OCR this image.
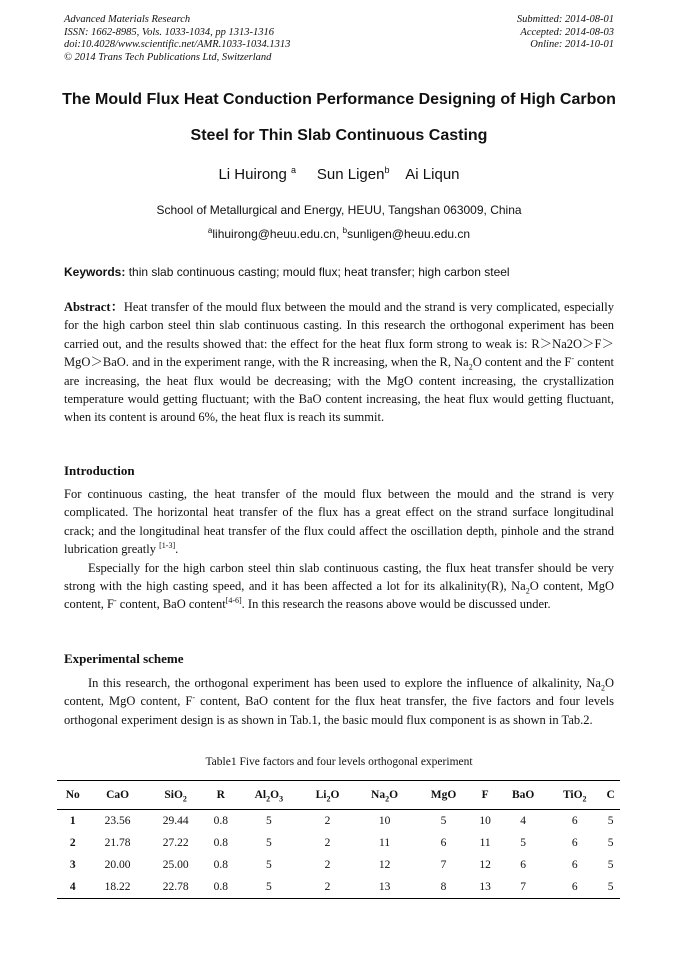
Advanced Materials Research
ISSN: 1662-8985, Vols. 1033-1034, pp 1313-1316
doi:10.4028/www.scientific.net/AMR.1033-1034.1313
© 2014 Trans Tech Publications Ltd, Switzerland
Submitted: 2014-08-01
Accepted: 2014-08-03
Online: 2014-10-01
The Mould Flux Heat Conduction Performance Designing of High Carbon
Steel for Thin Slab Continuous Casting
Li Huirong $^a$ Sun Ligen$^b$ Ai Liqun
School of Metallurgical and Energy, HEUU, Tangshan 063009, China
$^a$lihuirong@heuu.edu.cn, $^b$sunligen@heuu.edu.cn
Keywords: thin slab continuous casting; mould flux; heat transfer; high carbon steel

Abstract：Heat transfer of the mould flux between the mould and the strand is very complicated, especially for the high carbon steel thin slab continuous casting. In this research the orthogonal experiment has been carried out, and the results showed that: the effect for the heat flux form strong to weak is: R＞Na2O＞F＞MgO＞BaO. and in the experiment range, with the R increasing, when the R, $Na_2O$ content and the F- content are increasing, the heat flux would be decreasing; with the MgO content increasing, the crystallization temperature would getting fluctuant; with the BaO content increasing, the heat flux would getting fluctuant, when its content is around 6%, the heat flux is reach its summit.

Introduction

For continuous casting, the heat transfer of the mould flux between the mould and the strand is very complicated. The horizontal heat transfer of the flux has a great effect on the strand surface longitudinal crack; and the longitudinal heat transfer of the flux could affect the oscillation depth, pinhole and the strand lubrication greatly [1-3].

Especially for the high carbon steel thin slab continuous casting, the flux heat transfer should be very strong with the high casting speed, and it has been affected a lot for its alkalinity(R), $Na_2O$ content, MgO content, F- content, BaO content[4-6]. In this research the reasons above would be discussed under.

Experimental scheme

In this research, the orthogonal experiment has been used to explore the influence of alkalinity, $Na_2O$ content, MgO content, F- content, BaO content for the flux heat transfer, the five factors and four levels orthogonal experiment design is as shown in Tab.1, the basic mould flux component is as shown in Tab.2.

Table1 Five factors and four levels orthogonal experiment
No	CaO	SiO$_2$	R	$Al_2O_3$	$Li_2O$	$Na_2O$	MgO	F	BaO	TiO$_2$	C
1	23.56	29.44	0.8	5	2	10	5	10	4	6	5
2	21.78	27.22	0.8	5	2	11	6	11	5	6	5
3	20.00	25.00	0.8	5	2	12	7	12	6	6	5
4	18.22	22.78	0.8	5	2	13	8	13	7	6	5
